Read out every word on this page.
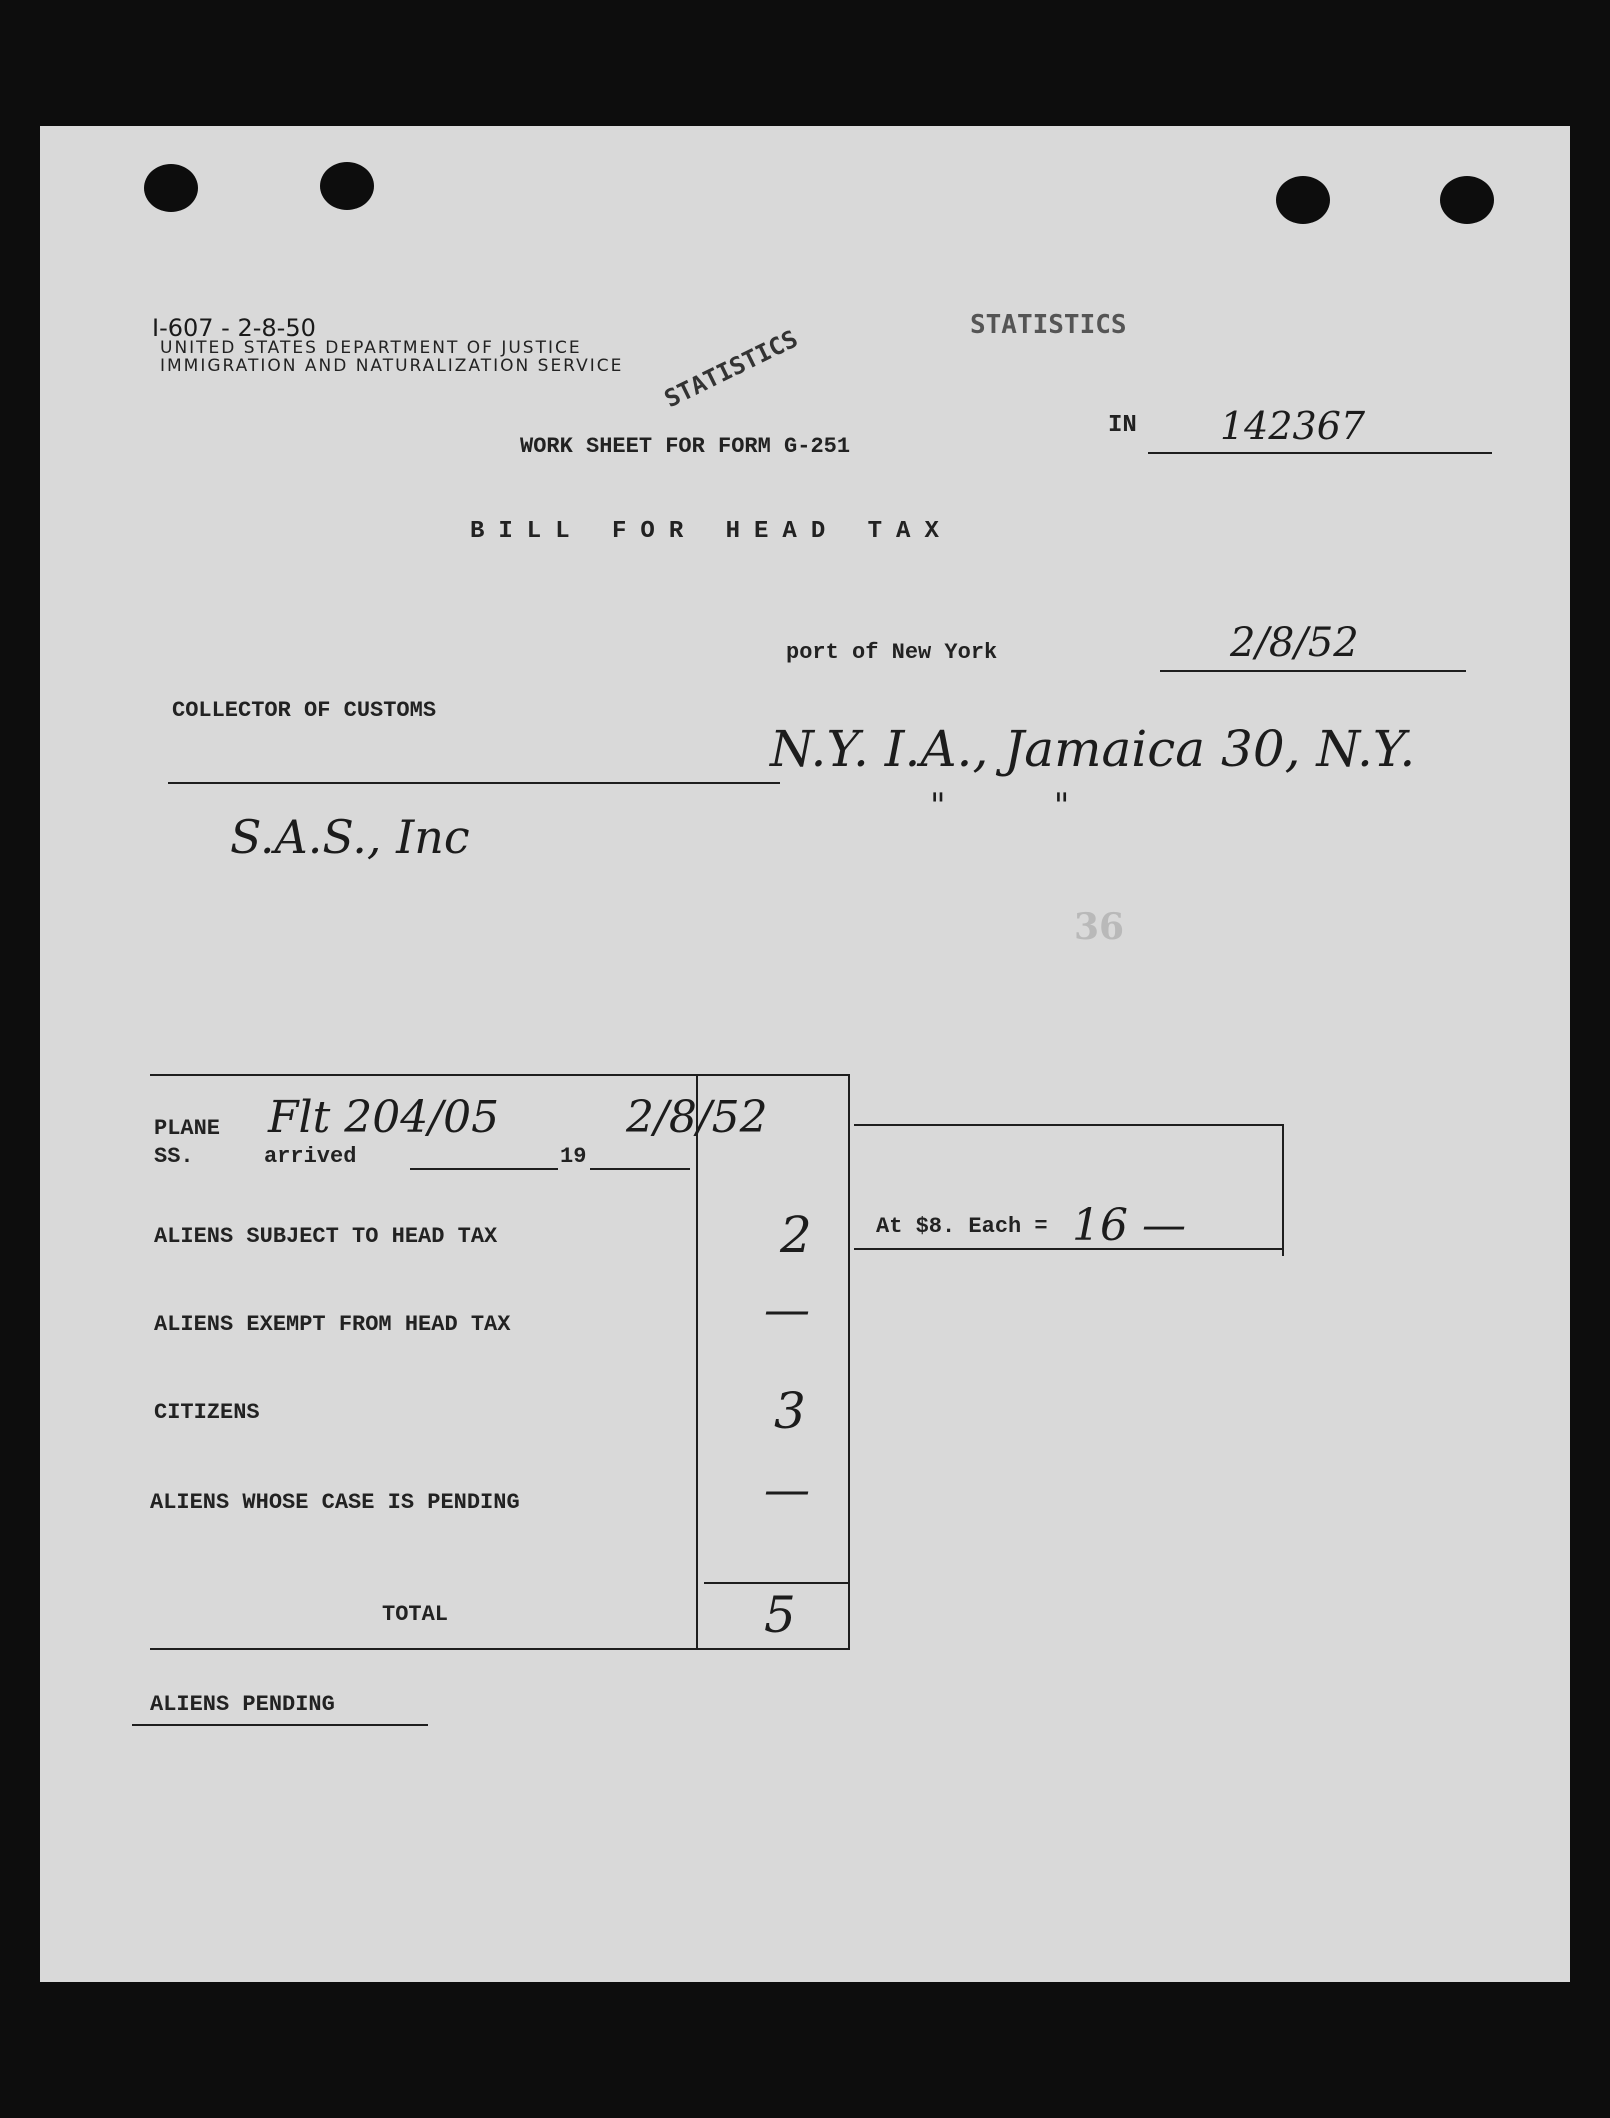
I-607 - 2-8-50
UNITED STATES DEPARTMENT OF JUSTICE
IMMIGRATION AND NATURALIZATION SERVICE STATISTICS	STATISTICS
WORK SHEET FOR FORM G-251
BILL FOR HEAD TAX
IN 142367
port of New York	2/8/52
COLLECTOR OF CUSTOMS
N.Y. I.A., Jamaica 30, N.Y.
"          "
S.A.S., Inc
36
PLANE
SS.	arrived	19
Flt 204/05	2/8/52
ALIENS SUBJECT TO HEAD TAX	2
ALIENS EXEMPT FROM HEAD TAX	—
CITIZENS	3
ALIENS WHOSE CASE IS PENDING	—
TOTAL	5
At $8. Each = 16 —
ALIENS PENDING
